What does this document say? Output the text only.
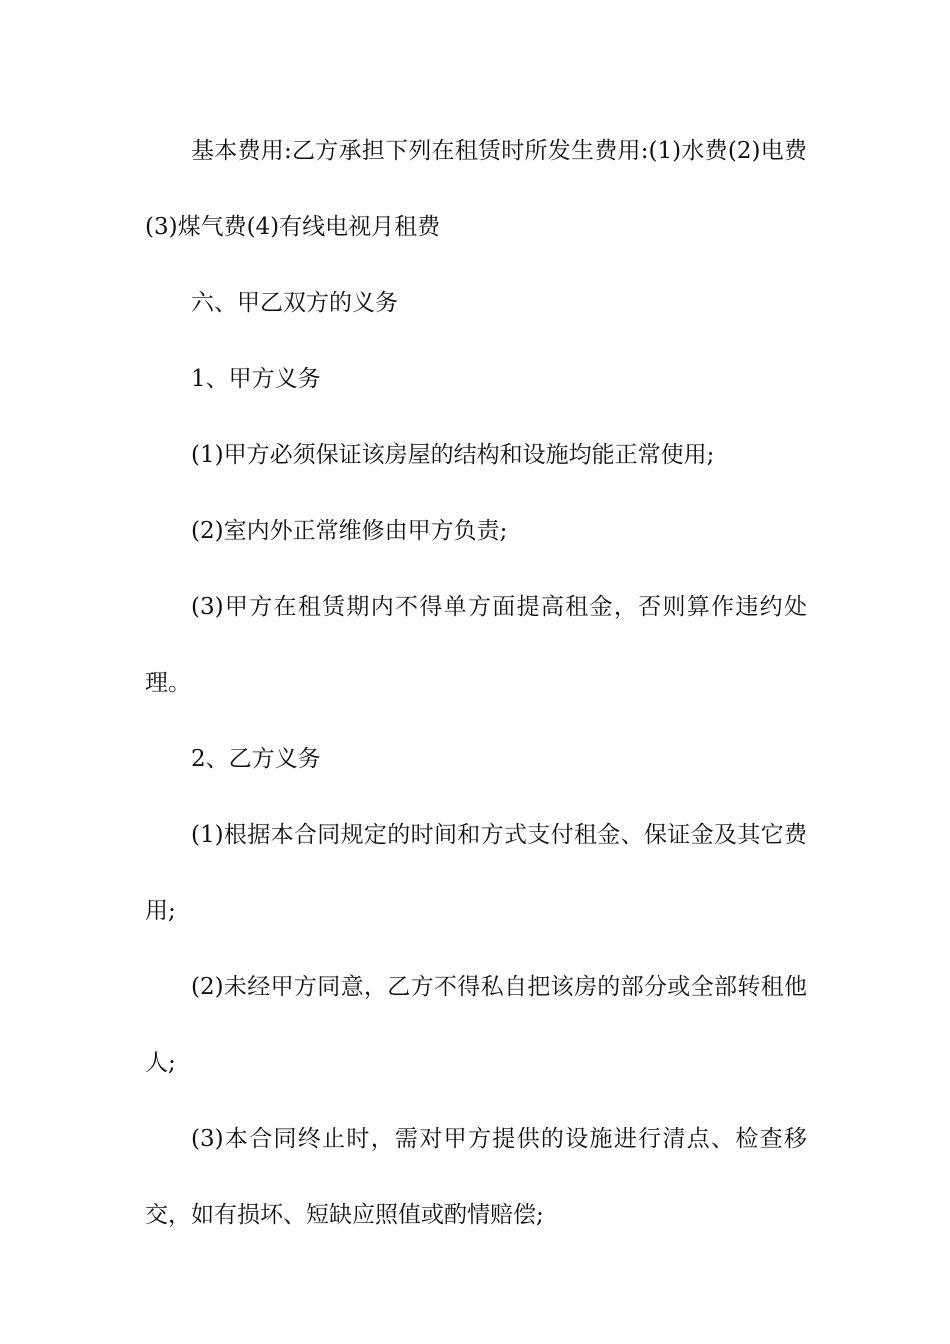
基本费用:乙方承担下列在租赁时所发生费用:(1)水费(2)电费(3)煤气费(4)有线电视月租费

六、甲乙双方的义务

1、甲方义务

(1)甲方必须保证该房屋的结构和设施均能正常使用;

(2)室内外正常维修由甲方负责;

(3)甲方在租赁期内不得单方面提高租金，否则算作违约处理。

2、乙方义务

(1)根据本合同规定的时间和方式支付租金、保证金及其它费用;

(2)未经甲方同意，乙方不得私自把该房的部分或全部转租他人;

(3)本合同终止时，需对甲方提供的设施进行清点、检查移交，如有损坏、短缺应照值或酌情赔偿;
